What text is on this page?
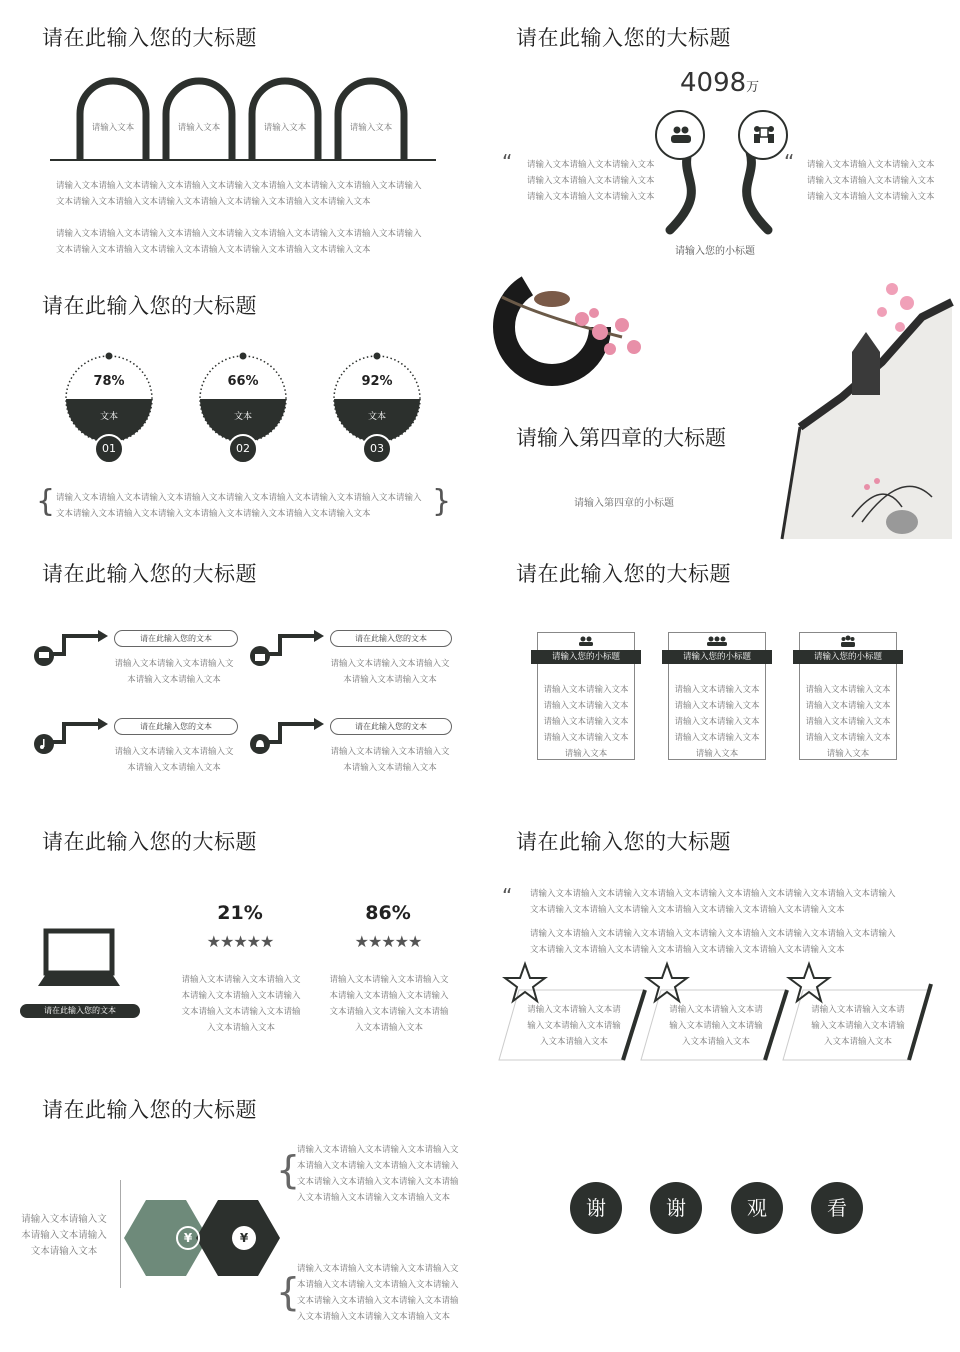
请在此输入您的大标题
请输入文本	请输入文本	请输入文本	请输入文本
请输入文本请输入文本请输入文本请输入文本请输入文本请输入文本请输入文本请输入文本请输入文本请输入文本请输入文本请输入文本请输入文本请输入文本请输入文本请输入文本
请输入文本请输入文本请输入文本请输入文本请输入文本请输入文本请输入文本请输入文本请输入文本请输入文本请输入文本请输入文本请输入文本请输入文本请输入文本请输入文本
请在此输入您的大标题
4098万
“ 请输入文本请输入文本请输入文本请输入文本请输入文本请输入文本请输入文本请输入文本请输入文本
“ 请输入文本请输入文本请输入文本请输入文本请输入文本请输入文本请输入文本请输入文本请输入文本
请输入您的小标题
请在此输入您的大标题
78%
文本
01
66%
文本
02
92%
文本
03
{ 请输入文本请输入文本请输入文本请输入文本请输入文本请输入文本请输入文本请输入文本请输入文本请输入文本请输入文本请输入文本请输入文本请输入文本请输入文本请输入文本	}
请输入第四章的大标题
请输入第四章的小标题
请在此输入您的大标题
请在此输入您的文本	请在此输入您的文本
请在此输入您的文本	请在此输入您的文本
请输入文本请输入文本请输入文本请输入文本请输入文本
请输入文本请输入文本请输入文本请输入文本请输入文本
请输入文本请输入文本请输入文本请输入文本请输入文本
请输入文本请输入文本请输入文本请输入文本请输入文本
请在此输入您的大标题
请输入您的小标题	请输入您的小标题	请输入您的小标题
请输入文本请输入文本请输入文本请输入文本请输入文本请输入文本请输入文本请输入文本请输入文本
请输入文本请输入文本请输入文本请输入文本请输入文本请输入文本请输入文本请输入文本请输入文本
请输入文本请输入文本请输入文本请输入文本请输入文本请输入文本请输入文本请输入文本请输入文本
请在此输入您的大标题
请在此输入您的文本
21%
★★★★★
请输入文本请输入文本请输入文本请输入文本请输入文本请输入文本请输入文本请输入文本请输入文本请输入文本
86%
★★★★★
请输入文本请输入文本请输入文本请输入文本请输入文本请输入文本请输入文本请输入文本请输入文本请输入文本
请在此输入您的大标题
“ 请输入文本请输入文本请输入文本请输入文本请输入文本请输入文本请输入文本请输入文本请输入文本请输入文本请输入文本请输入文本请输入文本请输入文本请输入文本请输入文本
请输入文本请输入文本请输入文本请输入文本请输入文本请输入文本请输入文本请输入文本请输入文本请输入文本请输入文本请输入文本请输入文本请输入文本请输入文本请输入文本
请输入文本请输入文本请输入文本请输入文本请输入文本请输入文本
请输入文本请输入文本请输入文本请输入文本请输入文本请输入文本
请输入文本请输入文本请输入文本请输入文本请输入文本请输入文本
请在此输入您的大标题
请输入文本请输入文本请输入文本请输入文本请输入文本
¥	¥
{
请输入文本请输入文本请输入文本请输入文本请输入文本请输入文本请输入文本请输入文本请输入文本请输入文本请输入文本请输入文本请输入文本请输入文本请输入文本
{
请输入文本请输入文本请输入文本请输入文本请输入文本请输入文本请输入文本请输入文本请输入文本请输入文本请输入文本请输入文本请输入文本请输入文本请输入文本
谢	谢	观	看
